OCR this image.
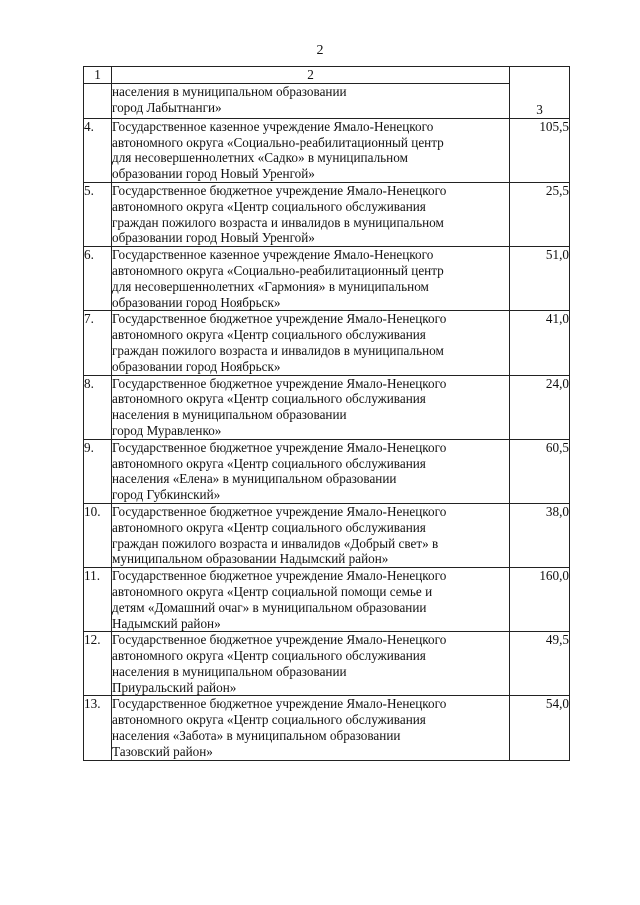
2
1	2	3

	населения в муниципальном образовании
город Лабытнанги»	

4.	Государственное казенное учреждение Ямало-Ненецкого
автономного округа «Социально-реабилитационный центр
для несовершеннолетних «Садко» в муниципальном
образовании город Новый Уренгой»	105,5
5.	Государственное бюджетное учреждение Ямало-Ненецкого
автономного округа «Центр социального обслуживания
граждан пожилого возраста и инвалидов в муниципальном
образовании город Новый Уренгой»	25,5
6.	Государственное казенное учреждение Ямало-Ненецкого
автономного округа «Социально-реабилитационный центр
для несовершеннолетних «Гармония» в муниципальном
образовании город Ноябрьск»	51,0
7.	Государственное бюджетное учреждение Ямало-Ненецкого
автономного округа «Центр социального обслуживания
граждан пожилого возраста и инвалидов в муниципальном
образовании город Ноябрьск»	41,0
8.	Государственное бюджетное учреждение Ямало-Ненецкого
автономного округа «Центр социального обслуживания
населения в муниципальном образовании
город Муравленко»	24,0
9.	Государственное бюджетное учреждение Ямало-Ненецкого
автономного округа «Центр социального обслуживания
населения «Елена» в муниципальном образовании
город Губкинский»	60,5
10.	Государственное бюджетное учреждение Ямало-Ненецкого
автономного округа «Центр социального обслуживания
граждан пожилого возраста и инвалидов «Добрый свет» в
муниципальном образовании Надымский район»	38,0
11.	Государственное бюджетное учреждение Ямало-Ненецкого
автономного округа «Центр социальной помощи семье и
детям «Домашний очаг» в муниципальном образовании
Надымский район»	160,0
12.	Государственное бюджетное учреждение Ямало-Ненецкого
автономного округа «Центр социального обслуживания
населения в муниципальном образовании
Приуральский район»	49,5
13.	Государственное бюджетное учреждение Ямало-Ненецкого
автономного округа «Центр социального обслуживания
населения «Забота» в муниципальном образовании
Тазовский район»	54,0
